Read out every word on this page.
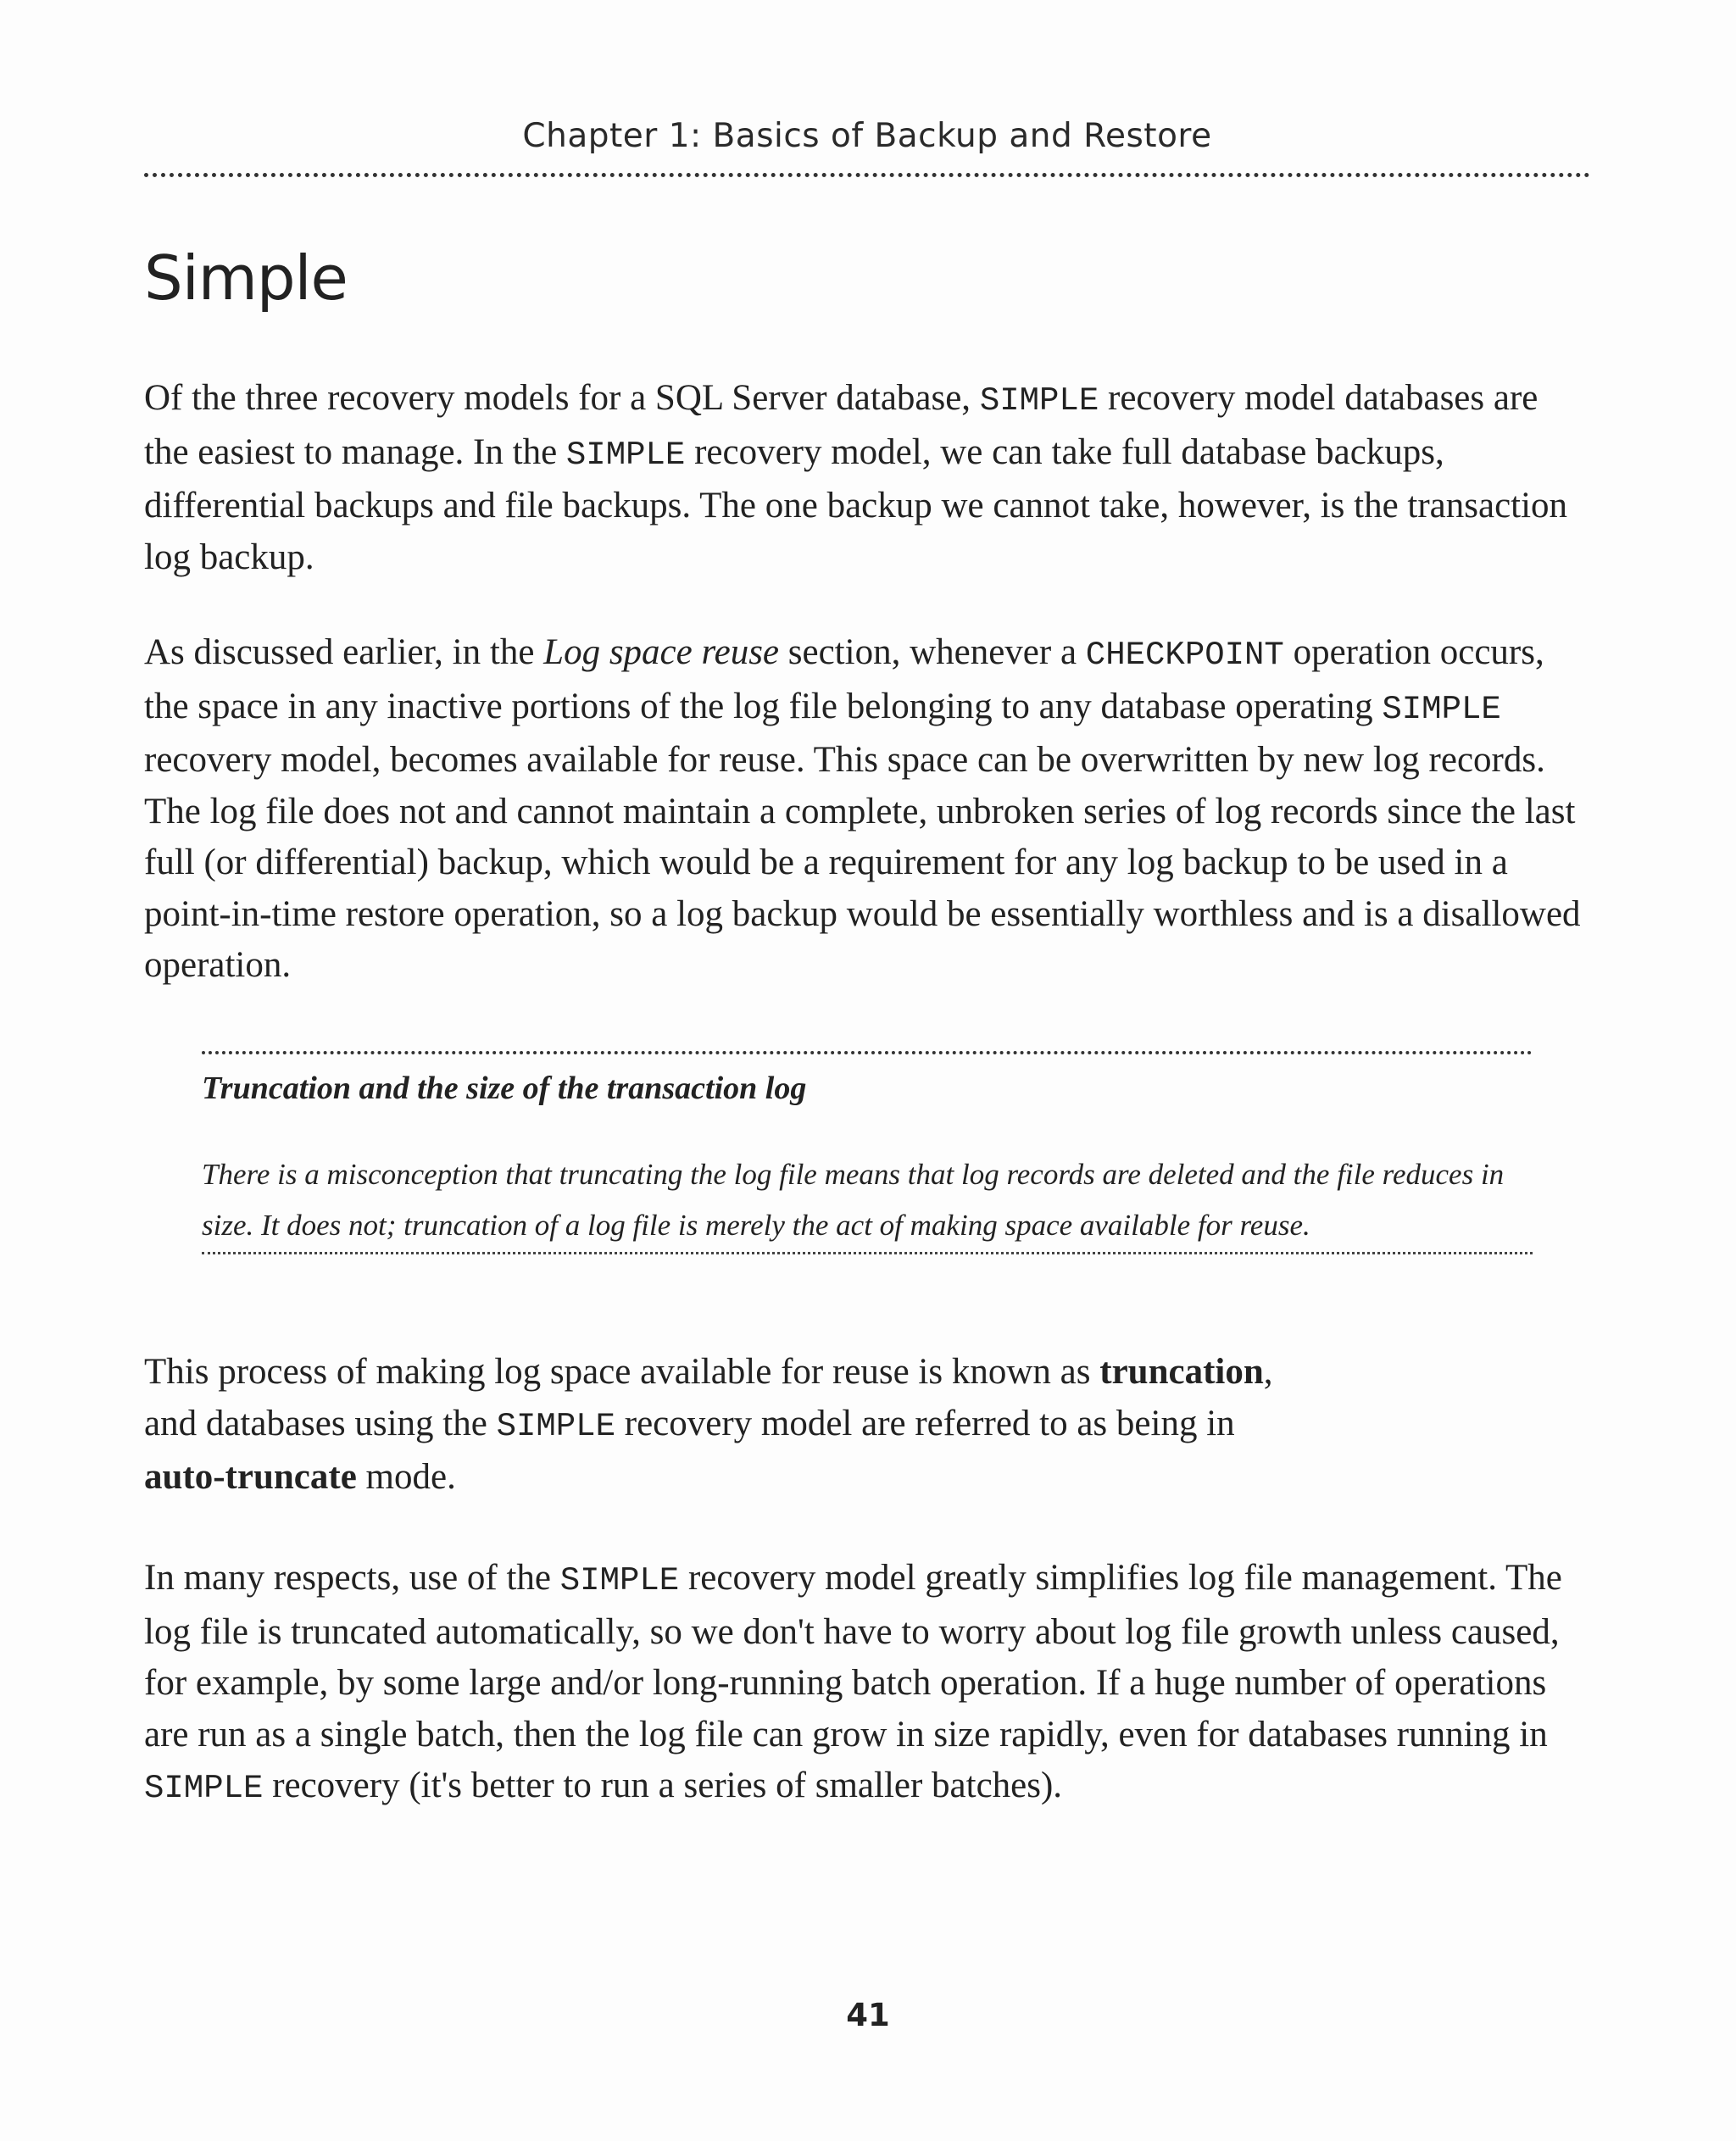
Chapter 1: Basics of Backup and Restore
Simple

Of the three recovery models for a SQL Server database, SIMPLE recovery model databases are the easiest to manage. In the SIMPLE recovery model, we can take full database backups, differential backups and file backups. The one backup we cannot take, however, is the transaction log backup.

As discussed earlier, in the Log space reuse section, whenever a CHECKPOINT operation occurs, the space in any inactive portions of the log file belonging to any database operating SIMPLE recovery model, becomes available for reuse. This space can be overwritten by new log records. The log file does not and cannot maintain a complete, unbroken series of log records since the last full (or differential) backup, which would be a requirement for any log backup to be used in a point-in-time restore operation, so a log backup would be essentially worthless and is a disallowed operation.

Truncation and the size of the transaction log

There is a misconception that truncating the log file means that log records are deleted and the file reduces in size. It does not; truncation of a log file is merely the act of making space available for reuse.

This process of making log space available for reuse is known as truncation,
and databases using the SIMPLE recovery model are referred to as being in
auto-truncate mode.

In many respects, use of the SIMPLE recovery model greatly simplifies log file management. The log file is truncated automatically, so we don't have to worry about log file growth unless caused, for example, by some large and/or long-running batch operation. If a huge number of operations are run as a single batch, then the log file can grow in size rapidly, even for databases running in SIMPLE recovery (it's better to run a series of smaller batches).

41
